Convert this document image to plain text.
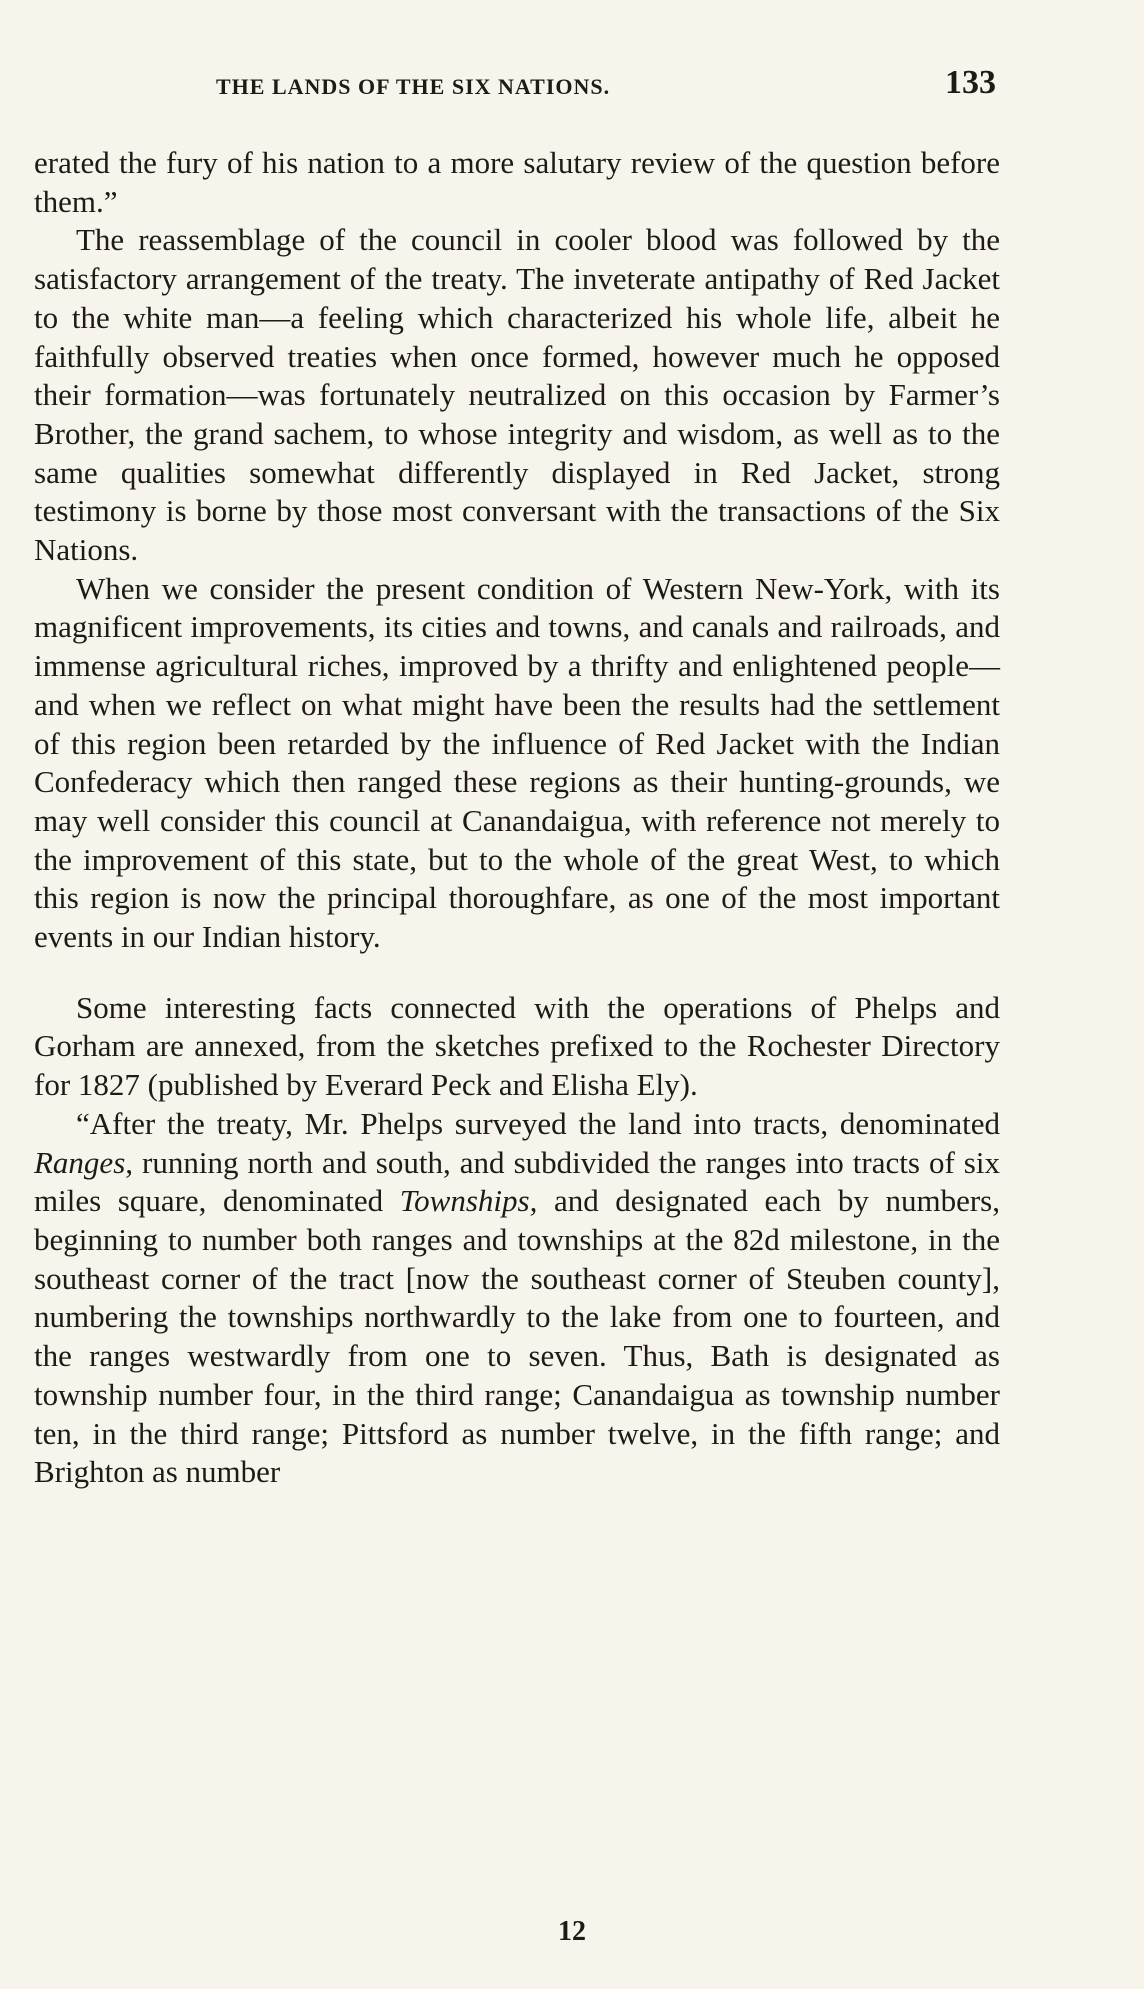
THE LANDS OF THE SIX NATIONS.	133

erated the fury of his nation to a more salutary review of the question before them.”

The reassemblage of the council in cooler blood was followed by the satisfactory arrangement of the treaty. The inveterate antipathy of Red Jacket to the white man—a feeling which characterized his whole life, albeit he faithfully observed treaties when once formed, however much he opposed their formation—was fortunately neutralized on this occasion by Farmer’s Brother, the grand sachem, to whose integrity and wisdom, as well as to the same qualities somewhat differently displayed in Red Jacket, strong testimony is borne by those most conversant with the transactions of the Six Nations.

When we consider the present condition of Western New-York, with its magnificent improvements, its cities and towns, and canals and railroads, and immense agricultural riches, improved by a thrifty and enlightened people—and when we reflect on what might have been the results had the settlement of this region been retarded by the influence of Red Jacket with the Indian Confederacy which then ranged these regions as their hunting-grounds, we may well consider this council at Canandaigua, with reference not merely to the improvement of this state, but to the whole of the great West, to which this region is now the principal thoroughfare, as one of the most important events in our Indian history.

Some interesting facts connected with the operations of Phelps and Gorham are annexed, from the sketches prefixed to the Rochester Directory for 1827 (published by Everard Peck and Elisha Ely).

“After the treaty, Mr. Phelps surveyed the land into tracts, denominated Ranges, running north and south, and subdivided the ranges into tracts of six miles square, denominated Townships, and designated each by numbers, beginning to number both ranges and townships at the 82d milestone, in the southeast corner of the tract [now the southeast corner of Steuben county], numbering the townships northwardly to the lake from one to fourteen, and the ranges westwardly from one to seven. Thus, Bath is designated as township number four, in the third range; Canandaigua as township number ten, in the third range; Pittsford as number twelve, in the fifth range; and Brighton as number

12
